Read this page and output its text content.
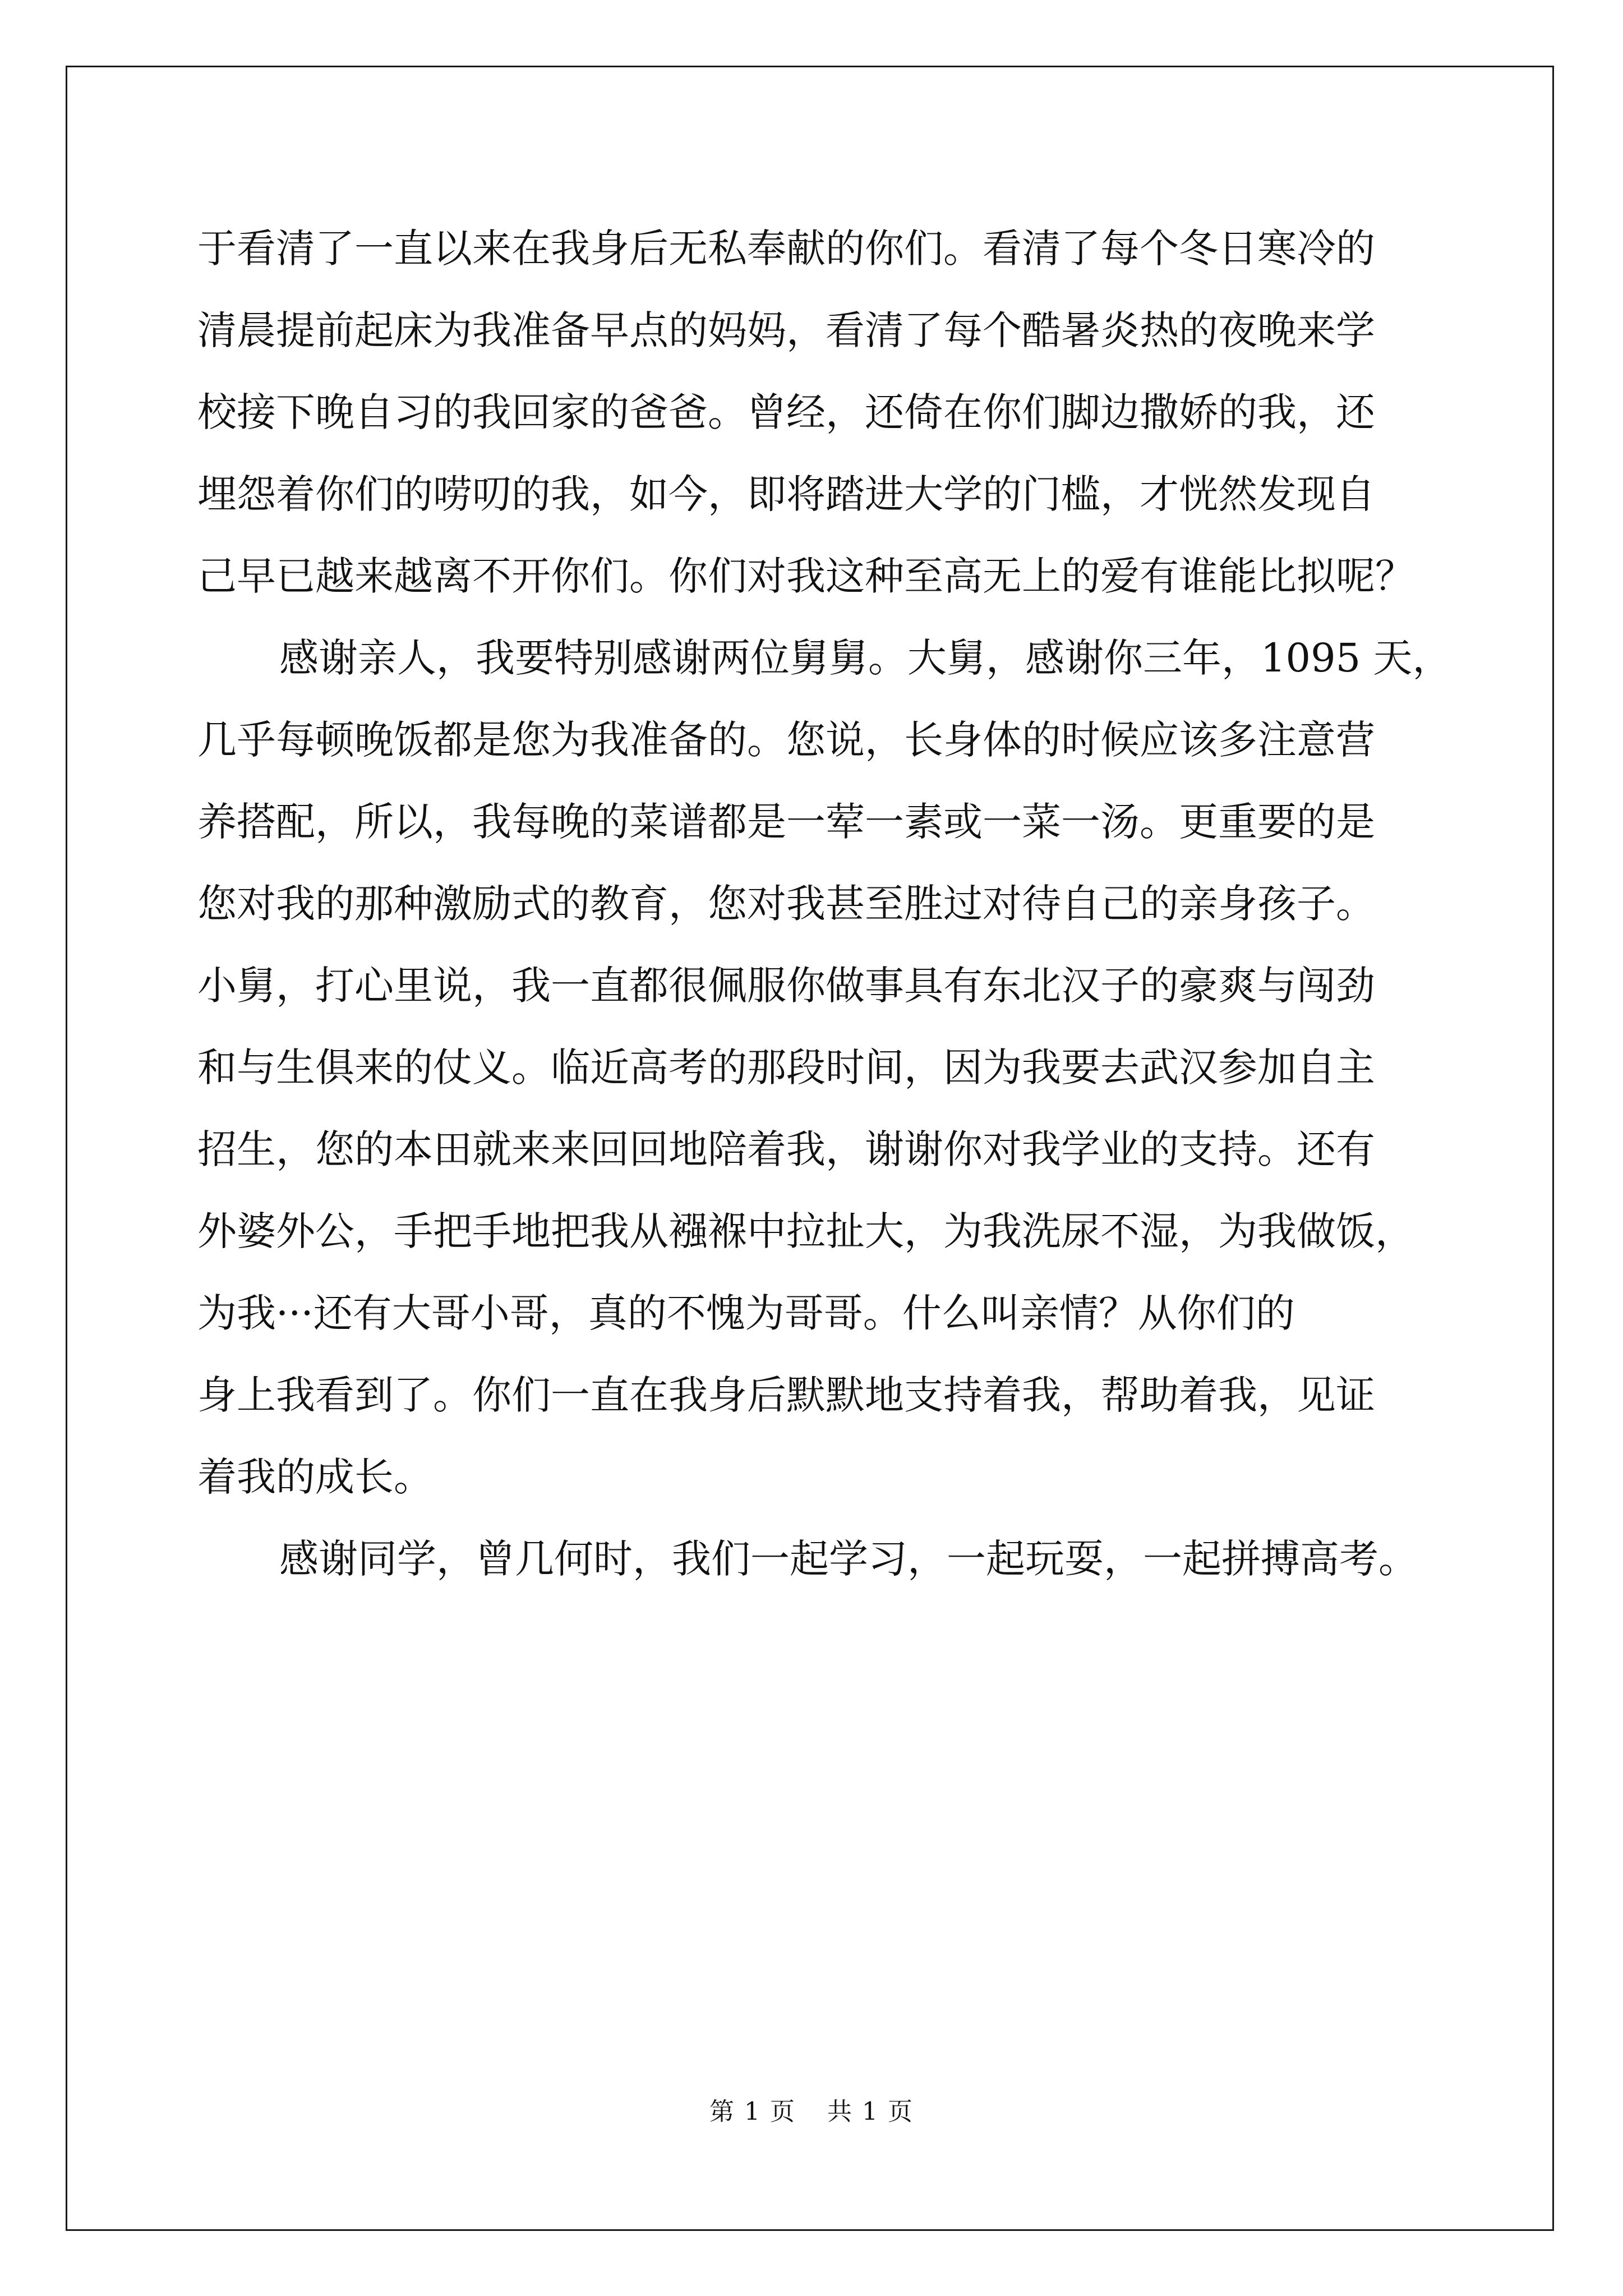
于看清了一直以来在我身后无私奉献的你们。看清了每个冬日寒冷的
清晨提前起床为我准备早点的妈妈，看清了每个酷暑炎热的夜晚来学
校接下晚自习的我回家的爸爸。曾经，还倚在你们脚边撒娇的我，还
埋怨着你们的唠叨的我，如今，即将踏进大学的门槛，才恍然发现自
己早已越来越离不开你们。你们对我这种至高无上的爱有谁能比拟呢？
感谢亲人，我要特别感谢两位舅舅。大舅，感谢你三年，1095 天，
几乎每顿晚饭都是您为我准备的。您说，长身体的时候应该多注意营
养搭配，所以，我每晚的菜谱都是一荤一素或一菜一汤。更重要的是
您对我的那种激励式的教育，您对我甚至胜过对待自己的亲身孩子。
小舅，打心里说，我一直都很佩服你做事具有东北汉子的豪爽与闯劲
和与生俱来的仗义。临近高考的那段时间，因为我要去武汉参加自主
招生，您的本田就来来回回地陪着我，谢谢你对我学业的支持。还有
外婆外公，手把手地把我从襁褓中拉扯大，为我洗尿不湿，为我做饭，
为我···还有大哥小哥，真的不愧为哥哥。什么叫亲情？从你们的
身上我看到了。你们一直在我身后默默地支持着我，帮助着我，见证
着我的成长。
感谢同学，曾几何时，我们一起学习，一起玩耍，一起拼搏高考。
第 1 页 共 1 页
